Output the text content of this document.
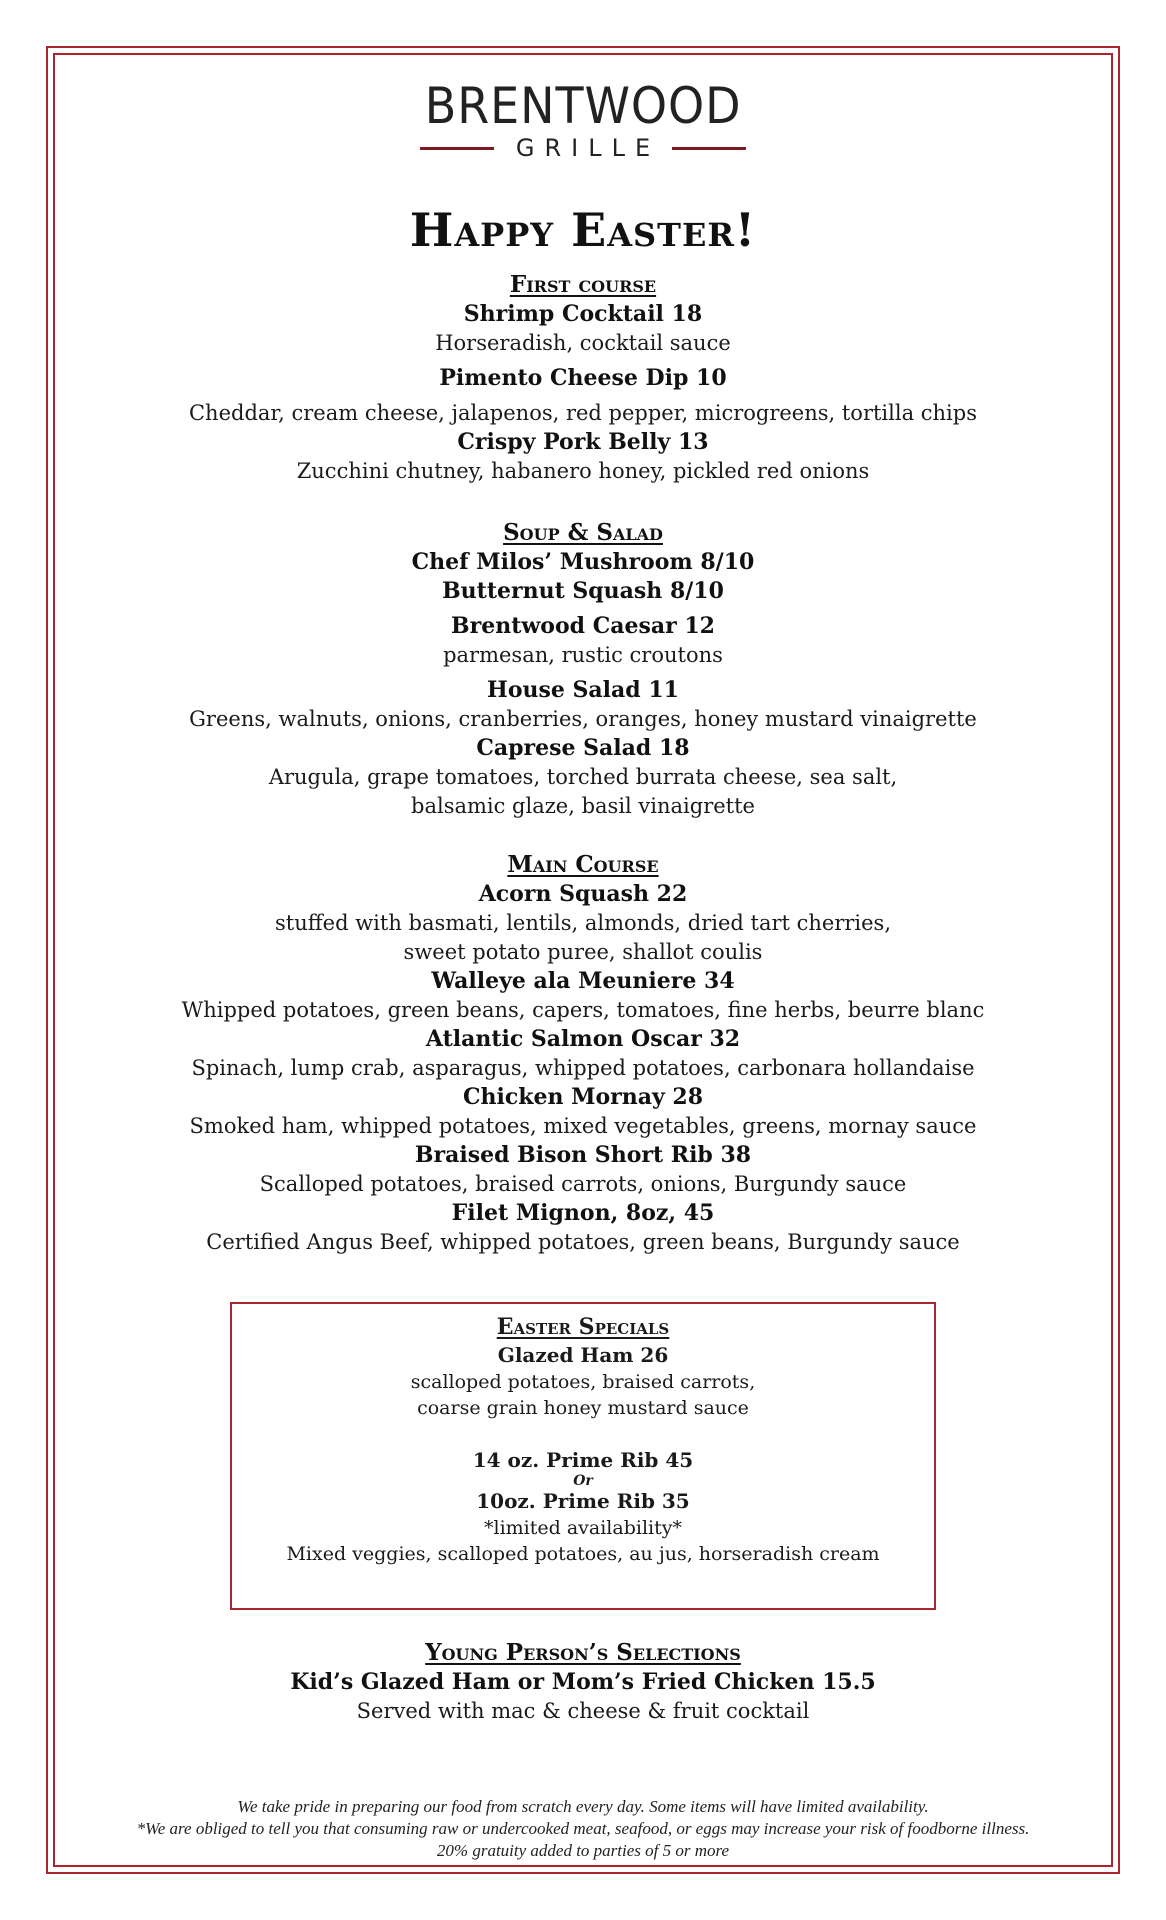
BRENTWOOD
GRILLE
Happy Easter!
First course
Shrimp Cocktail 18
Horseradish, cocktail sauce
Pimento Cheese Dip 10
Cheddar, cream cheese, jalapenos, red pepper, microgreens, tortilla chips
Crispy Pork Belly 13
Zucchini chutney, habanero honey, pickled red onions
Soup & Salad
Chef Milos’ Mushroom 8/10
Butternut Squash 8/10
Brentwood Caesar 12
parmesan, rustic croutons
House Salad 11
Greens, walnuts, onions, cranberries, oranges, honey mustard vinaigrette
Caprese Salad 18
Arugula, grape tomatoes, torched burrata cheese, sea salt,
balsamic glaze, basil vinaigrette
Main Course
Acorn Squash 22
stuffed with basmati, lentils, almonds, dried tart cherries,
sweet potato puree, shallot coulis
Walleye ala Meuniere 34
Whipped potatoes, green beans, capers, tomatoes, fine herbs, beurre blanc
Atlantic Salmon Oscar 32
Spinach, lump crab, asparagus, whipped potatoes, carbonara hollandaise
Chicken Mornay 28
Smoked ham, whipped potatoes, mixed vegetables, greens, mornay sauce
Braised Bison Short Rib 38
Scalloped potatoes, braised carrots, onions, Burgundy sauce
Filet Mignon, 8oz, 45
Certified Angus Beef, whipped potatoes, green beans, Burgundy sauce
Easter Specials
Glazed Ham 26
scalloped potatoes, braised carrots,
coarse grain honey mustard sauce
14 oz. Prime Rib 45
Or
10oz. Prime Rib 35
*limited availability*
Mixed veggies, scalloped potatoes, au jus, horseradish cream
Young Person’s Selections
Kid’s Glazed Ham or Mom’s Fried Chicken 15.5
Served with mac & cheese & fruit cocktail
We take pride in preparing our food from scratch every day. Some items will have limited availability.
*We are obliged to tell you that consuming raw or undercooked meat, seafood, or eggs may increase your risk of foodborne illness.
20% gratuity added to parties of 5 or more
